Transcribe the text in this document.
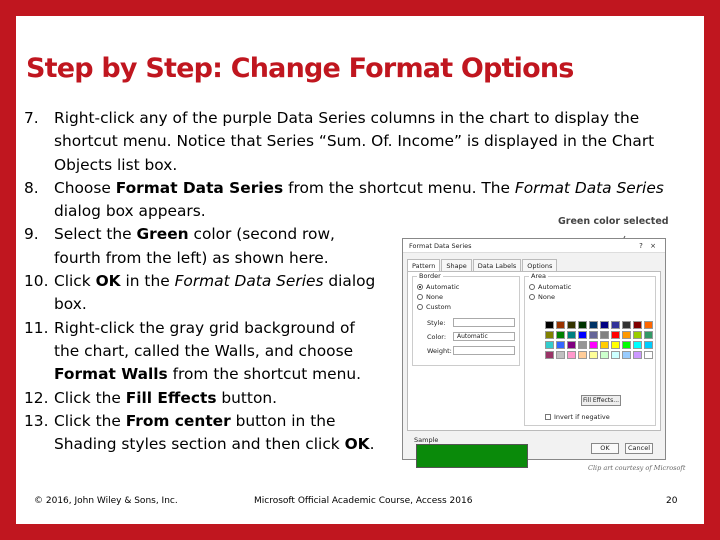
Step by Step: Change Format Options
7. Right-click any of the purple Data Series columns in the chart to display the shortcut menu. Notice that Series “Sum. Of. Income” is displayed in the Chart Objects list box.
8. Choose Format Data Series from the shortcut menu. The Format Data Series dialog box appears.
9. Select the Green color (second row, fourth from the left) as shown here.
10. Click OK in the Format Data Series dialog box.
11. Right-click the gray grid background of the chart, called the Walls, and choose Format Walls from the shortcut menu.
12. Click the Fill Effects button.
13. Click the From center button in the Shading styles section and then click OK.
Green color selected
Format Data Series	?	×
Pattern	Shape	Data Labels	Options
Border
Automatic
None
Custom
Style:
Color:	Automatic
Weight:
Area
Automatic
None
Sample
Fill Effects...
Invert if negative
OK	Cancel
Clip art courtesy of Microsoft
© 2016, John Wiley & Sons, Inc.	Microsoft Official Academic Course, Access 2016	20
